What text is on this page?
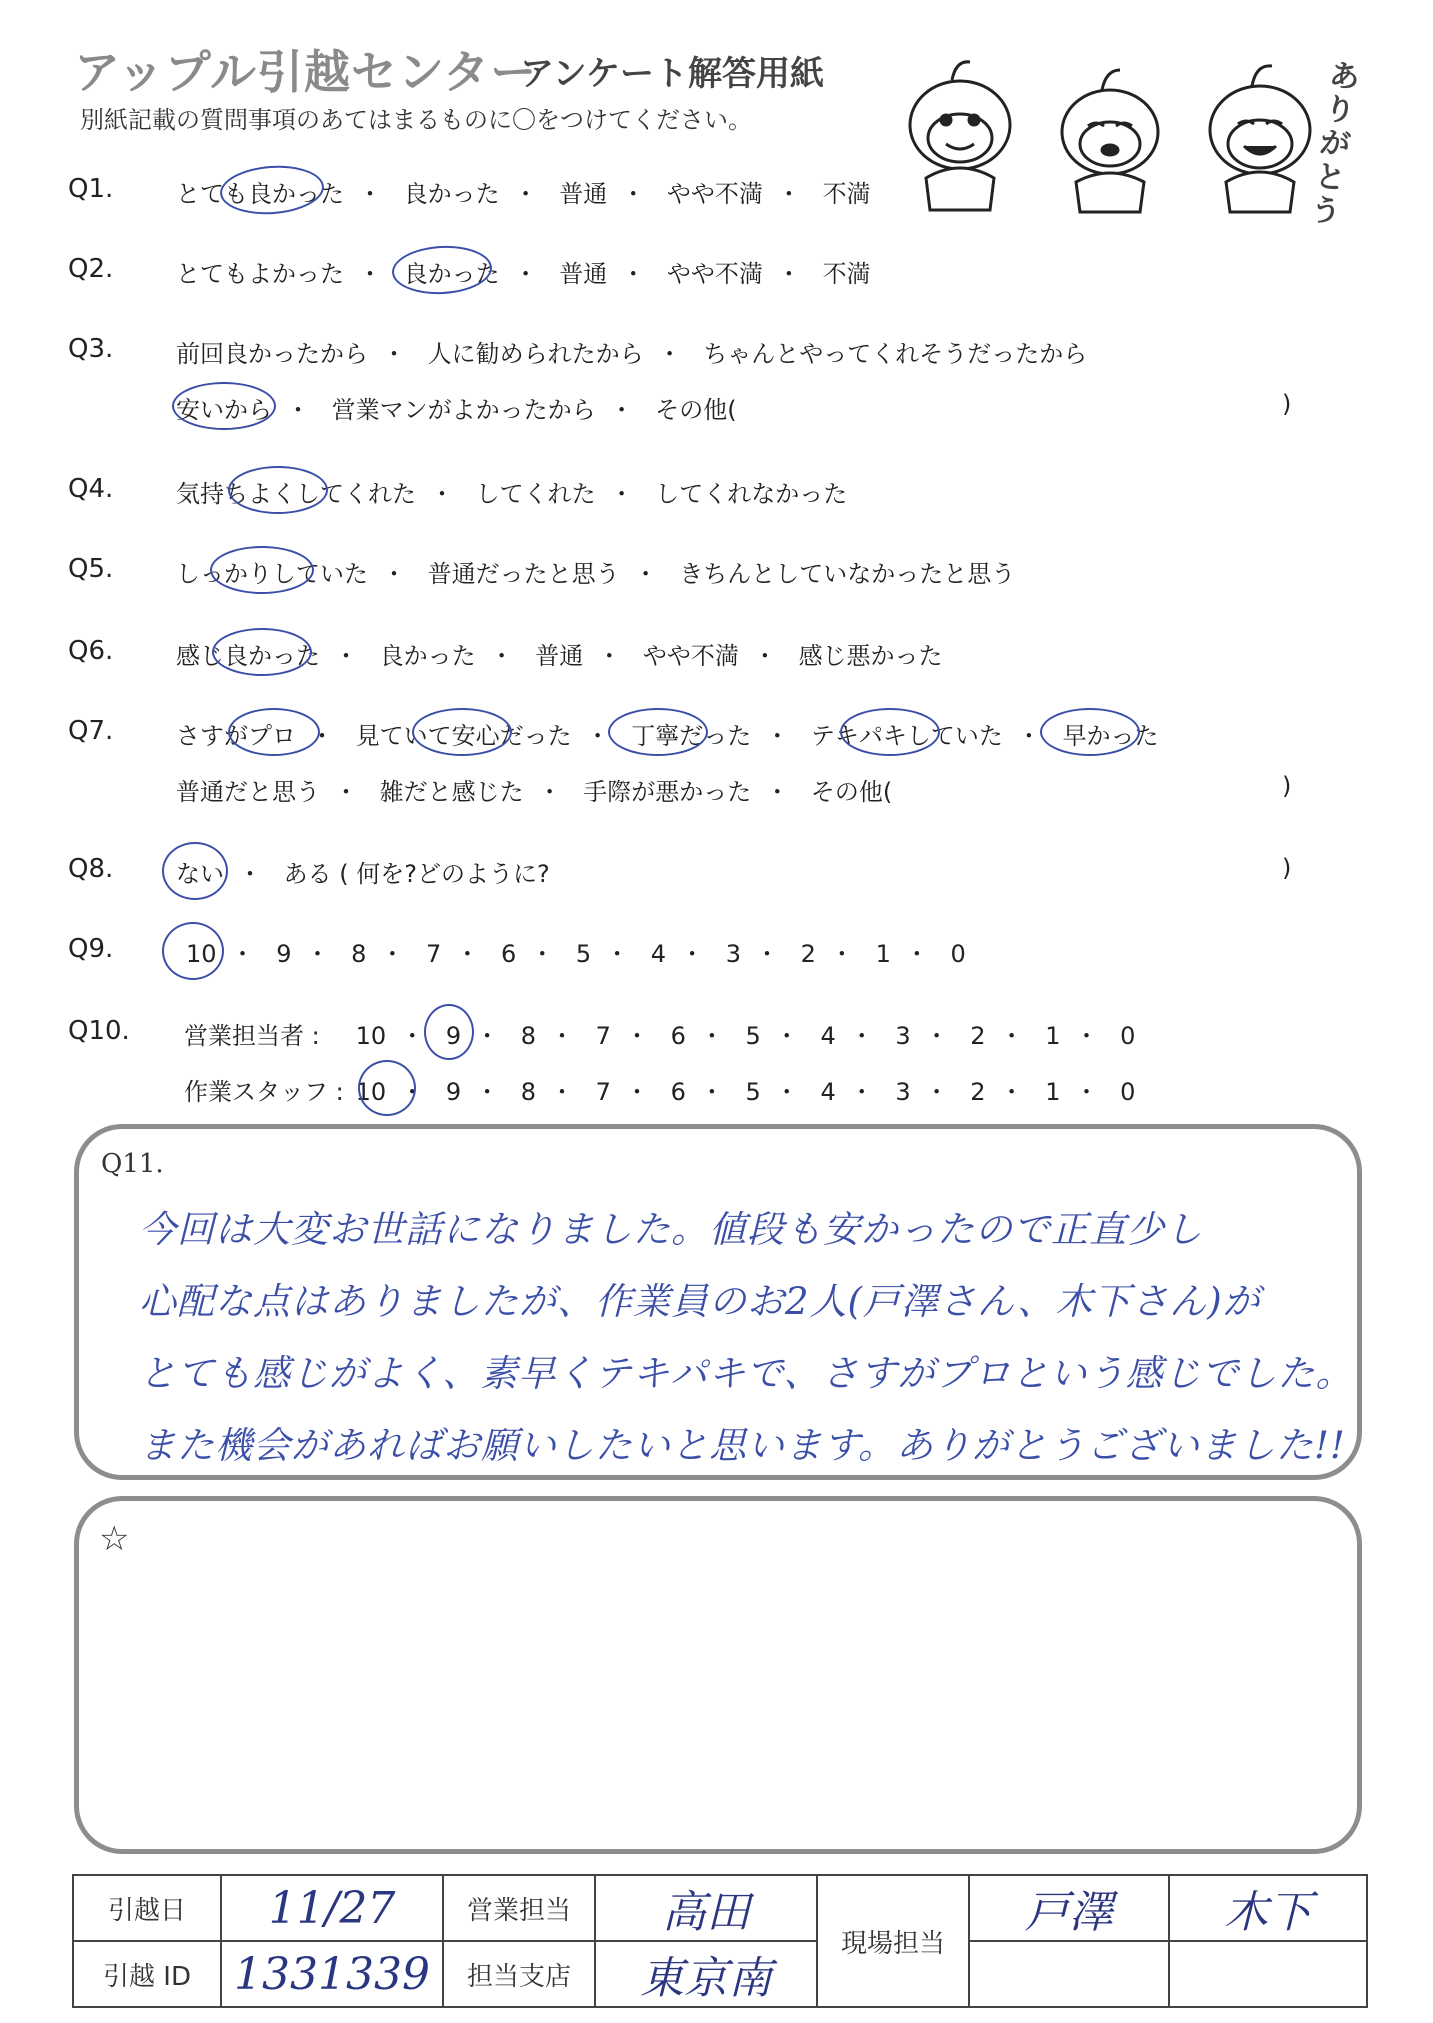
アップル引越センター
アンケート解答用紙
別紙記載の質問事項のあてはまるものに〇をつけてください。
ありがとう
Q1.	とても良かった ・ 良かった ・ 普通 ・ やや不満 ・ 不満
Q2.	とてもよかった ・ 良かった ・ 普通 ・ やや不満 ・ 不満
Q3.	前回良かったから ・ 人に勧められたから ・ ちゃんとやってくれそうだったから
安いから ・ 営業マンがよかったから ・ その他(	)
Q4.	気持ちよくしてくれた ・ してくれた ・ してくれなかった
Q5.	しっかりしていた ・ 普通だったと思う ・ きちんとしていなかったと思う
Q6.	感じ良かった ・ 良かった ・ 普通 ・ やや不満 ・ 感じ悪かった
Q7.	さすがプロ ・ 見ていて安心だった ・ 丁寧だった ・ テキパキしていた ・ 早かった
普通だと思う ・ 雑だと感じた ・ 手際が悪かった ・ その他(	)
Q8.	ない ・ ある ( 何を?どのように?	)
Q9.	10 ・ 9 ・ 8 ・ 7 ・ 6 ・ 5 ・ 4 ・ 3 ・ 2 ・ 1 ・ 0
Q10. 営業担当者 : 10 ・ 9 ・ 8 ・ 7 ・ 6 ・ 5 ・ 4 ・ 3 ・ 2 ・ 1 ・ 0
作業スタッフ : 10 ・ 9 ・ 8 ・ 7 ・ 6 ・ 5 ・ 4 ・ 3 ・ 2 ・ 1 ・ 0
Q11.
今回は大変お世話になりました。値段も安かったので正直少し
心配な点はありましたが、作業員のお2人(戸澤さん、木下さん)が
とても感じがよく、素早くテキパキで、さすがプロという感じでした。
また機会があればお願いしたいと思います。ありがとうございました!!
☆
引越日	11/27	営業担当	高田	現場担当	戸澤	木下
引越 ID	1331339	担当支店	東京南			
